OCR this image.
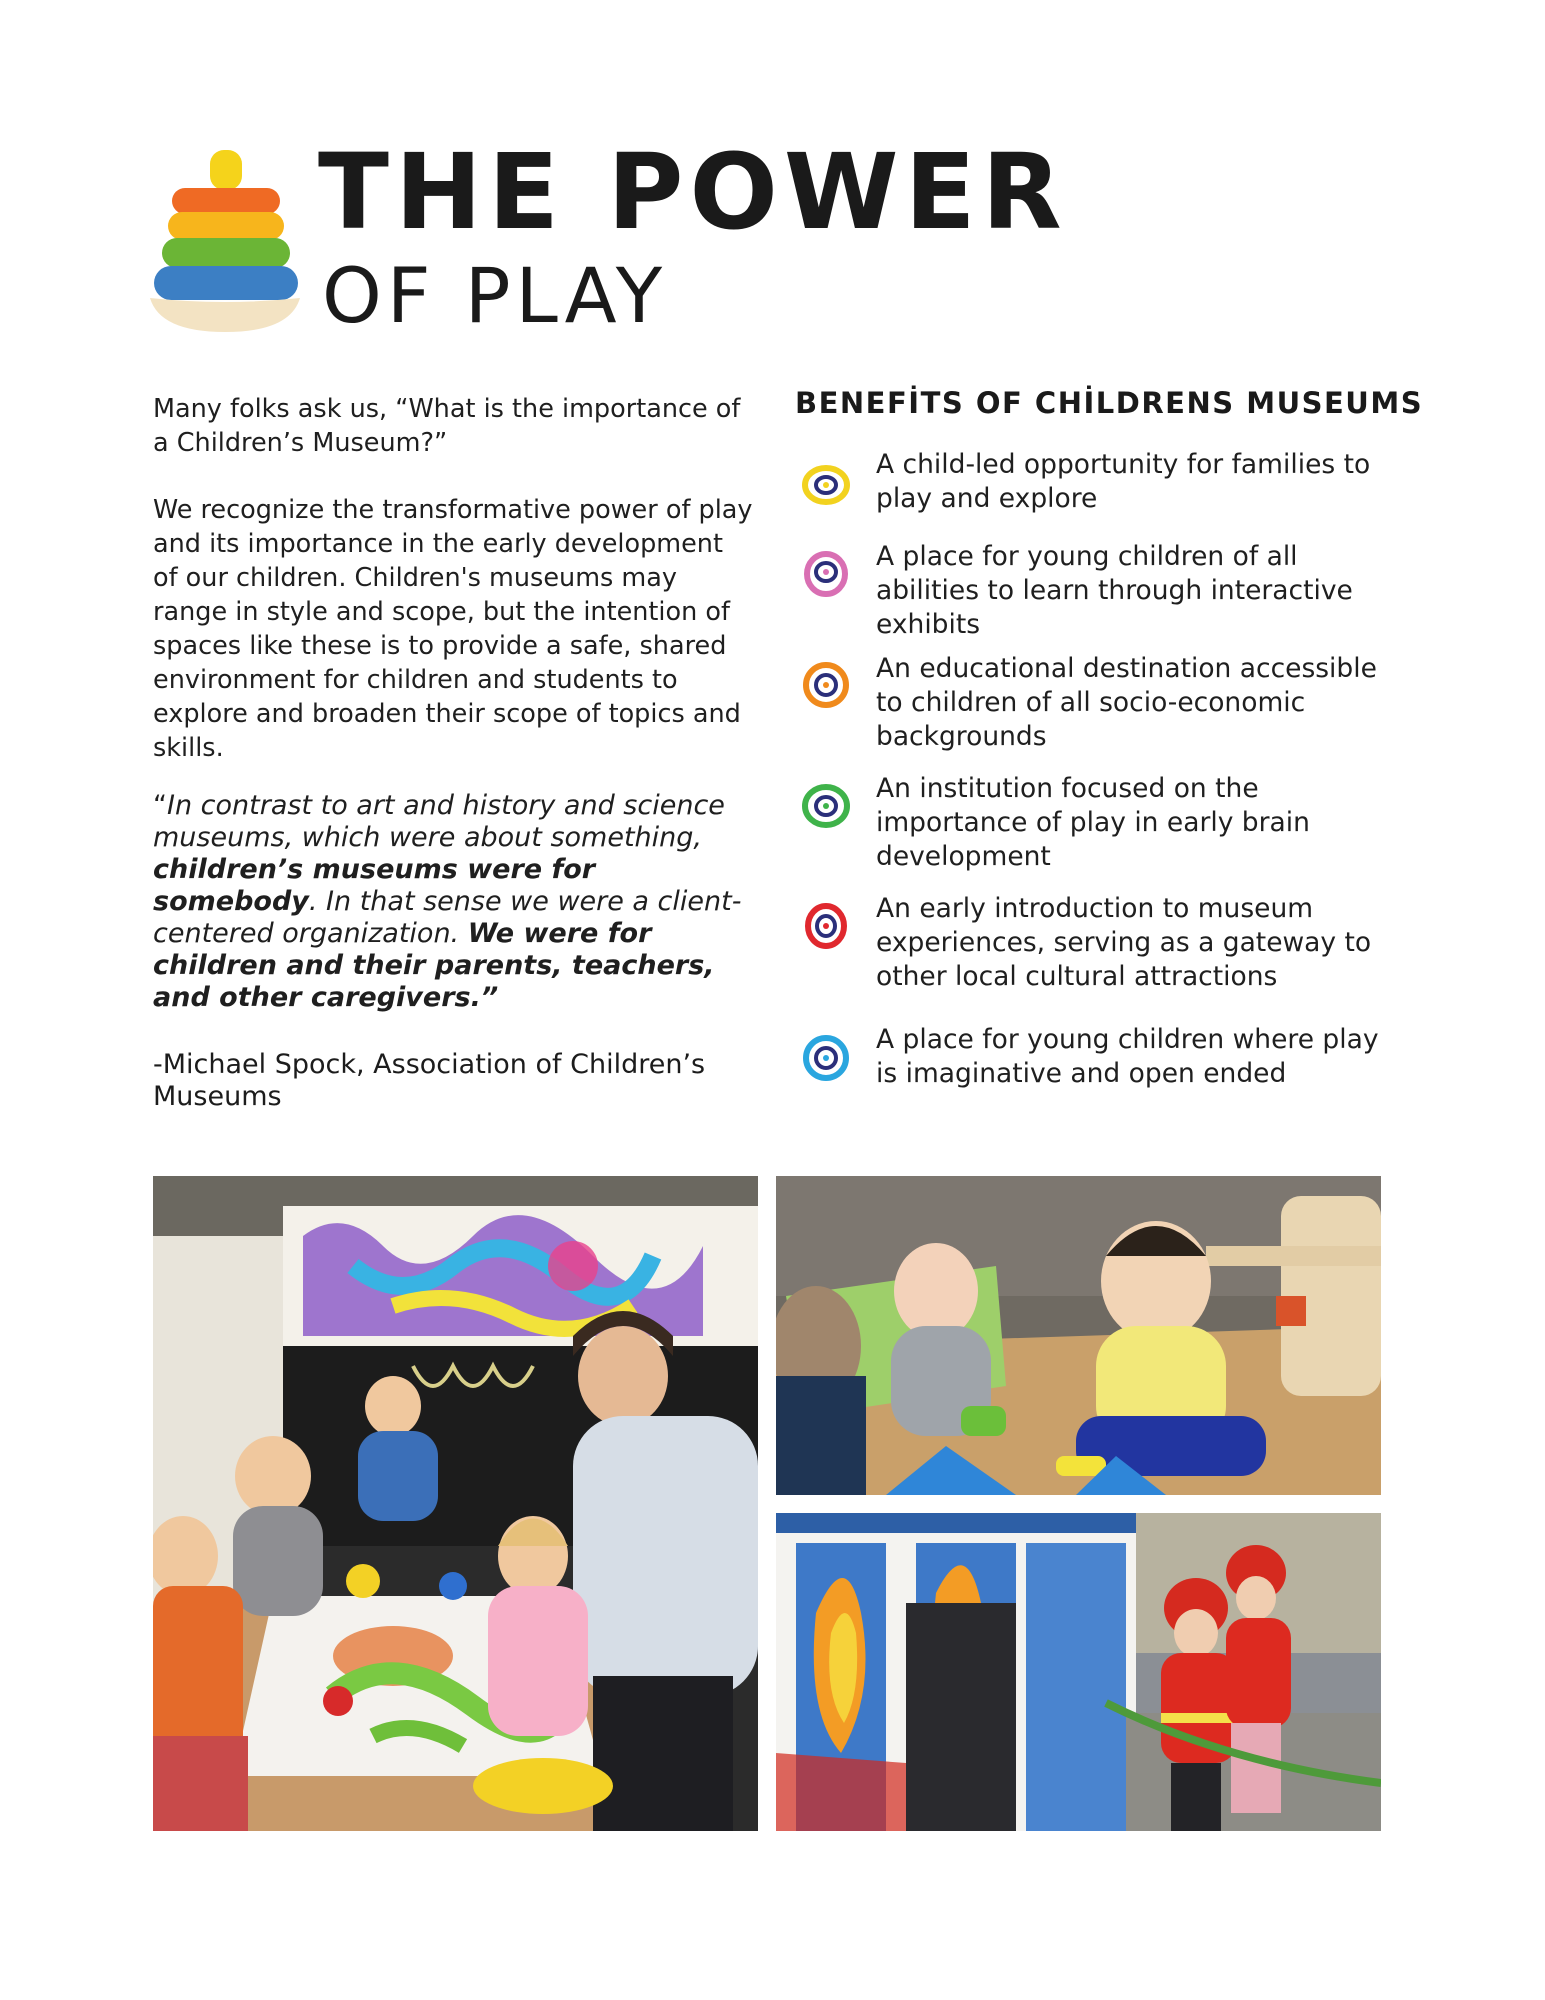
THE POWER
OF PLAY

Many folks ask us, “What is the importance of a Children’s Museum?”

We recognize the transformative power of play and its importance in the early development of our children. Children's museums may range in style and scope, but the intention of spaces like these is to provide a safe, shared environment for children and students to explore and broaden their scope of topics and skills.

“In contrast to art and history and science museums, which were about something, children’s museums were for somebody. In that sense we were a client-centered organization. We were for children and their parents, teachers, and other caregivers.”

-Michael Spock, Association of Children’s Museums

BENEFİTS OF CHİLDRENS MUSEUMS

A child-led opportunity for families to play and explore

A place for young children of all abilities to learn through interactive exhibits

An educational destination accessible to children of all socio-economic backgrounds

An institution focused on the importance of play in early brain development

An early introduction to museum experiences, serving as a gateway to other local cultural attractions

A place for young children where play is imaginative and open ended
